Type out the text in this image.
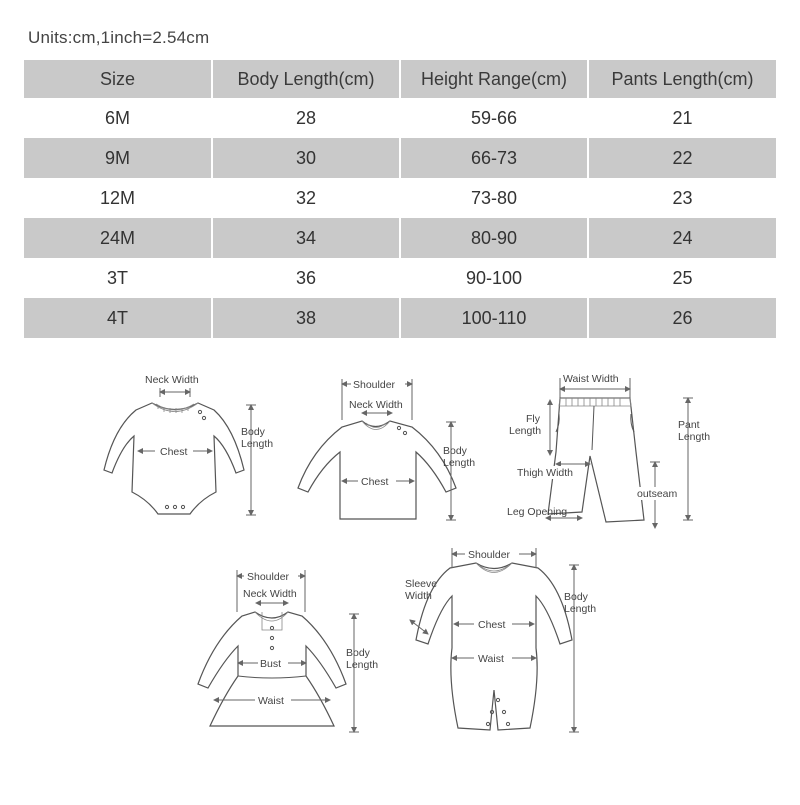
Units:cm,1inch=2.54cm
Size	Body Length(cm)	Height Range(cm)	Pants Length(cm)
6M	28	59-66	21
9M	30	66-73	22
12M	32	73-80	23
24M	34	80-90	24
3T	36	90-100	25
4T	38	100-110	26
Neck Width
Chest
Body
Length
Shoulder
Neck Width
Chest
Body
Length
Waist Width
Fly
Length	Pant
Length
Thigh Width
outseam
Leg Opening
Shoulder
Neck Width
Bust
Waist
Body
Length
Shoulder
Sleeve
Width
Chest
Waist
Body
Length
